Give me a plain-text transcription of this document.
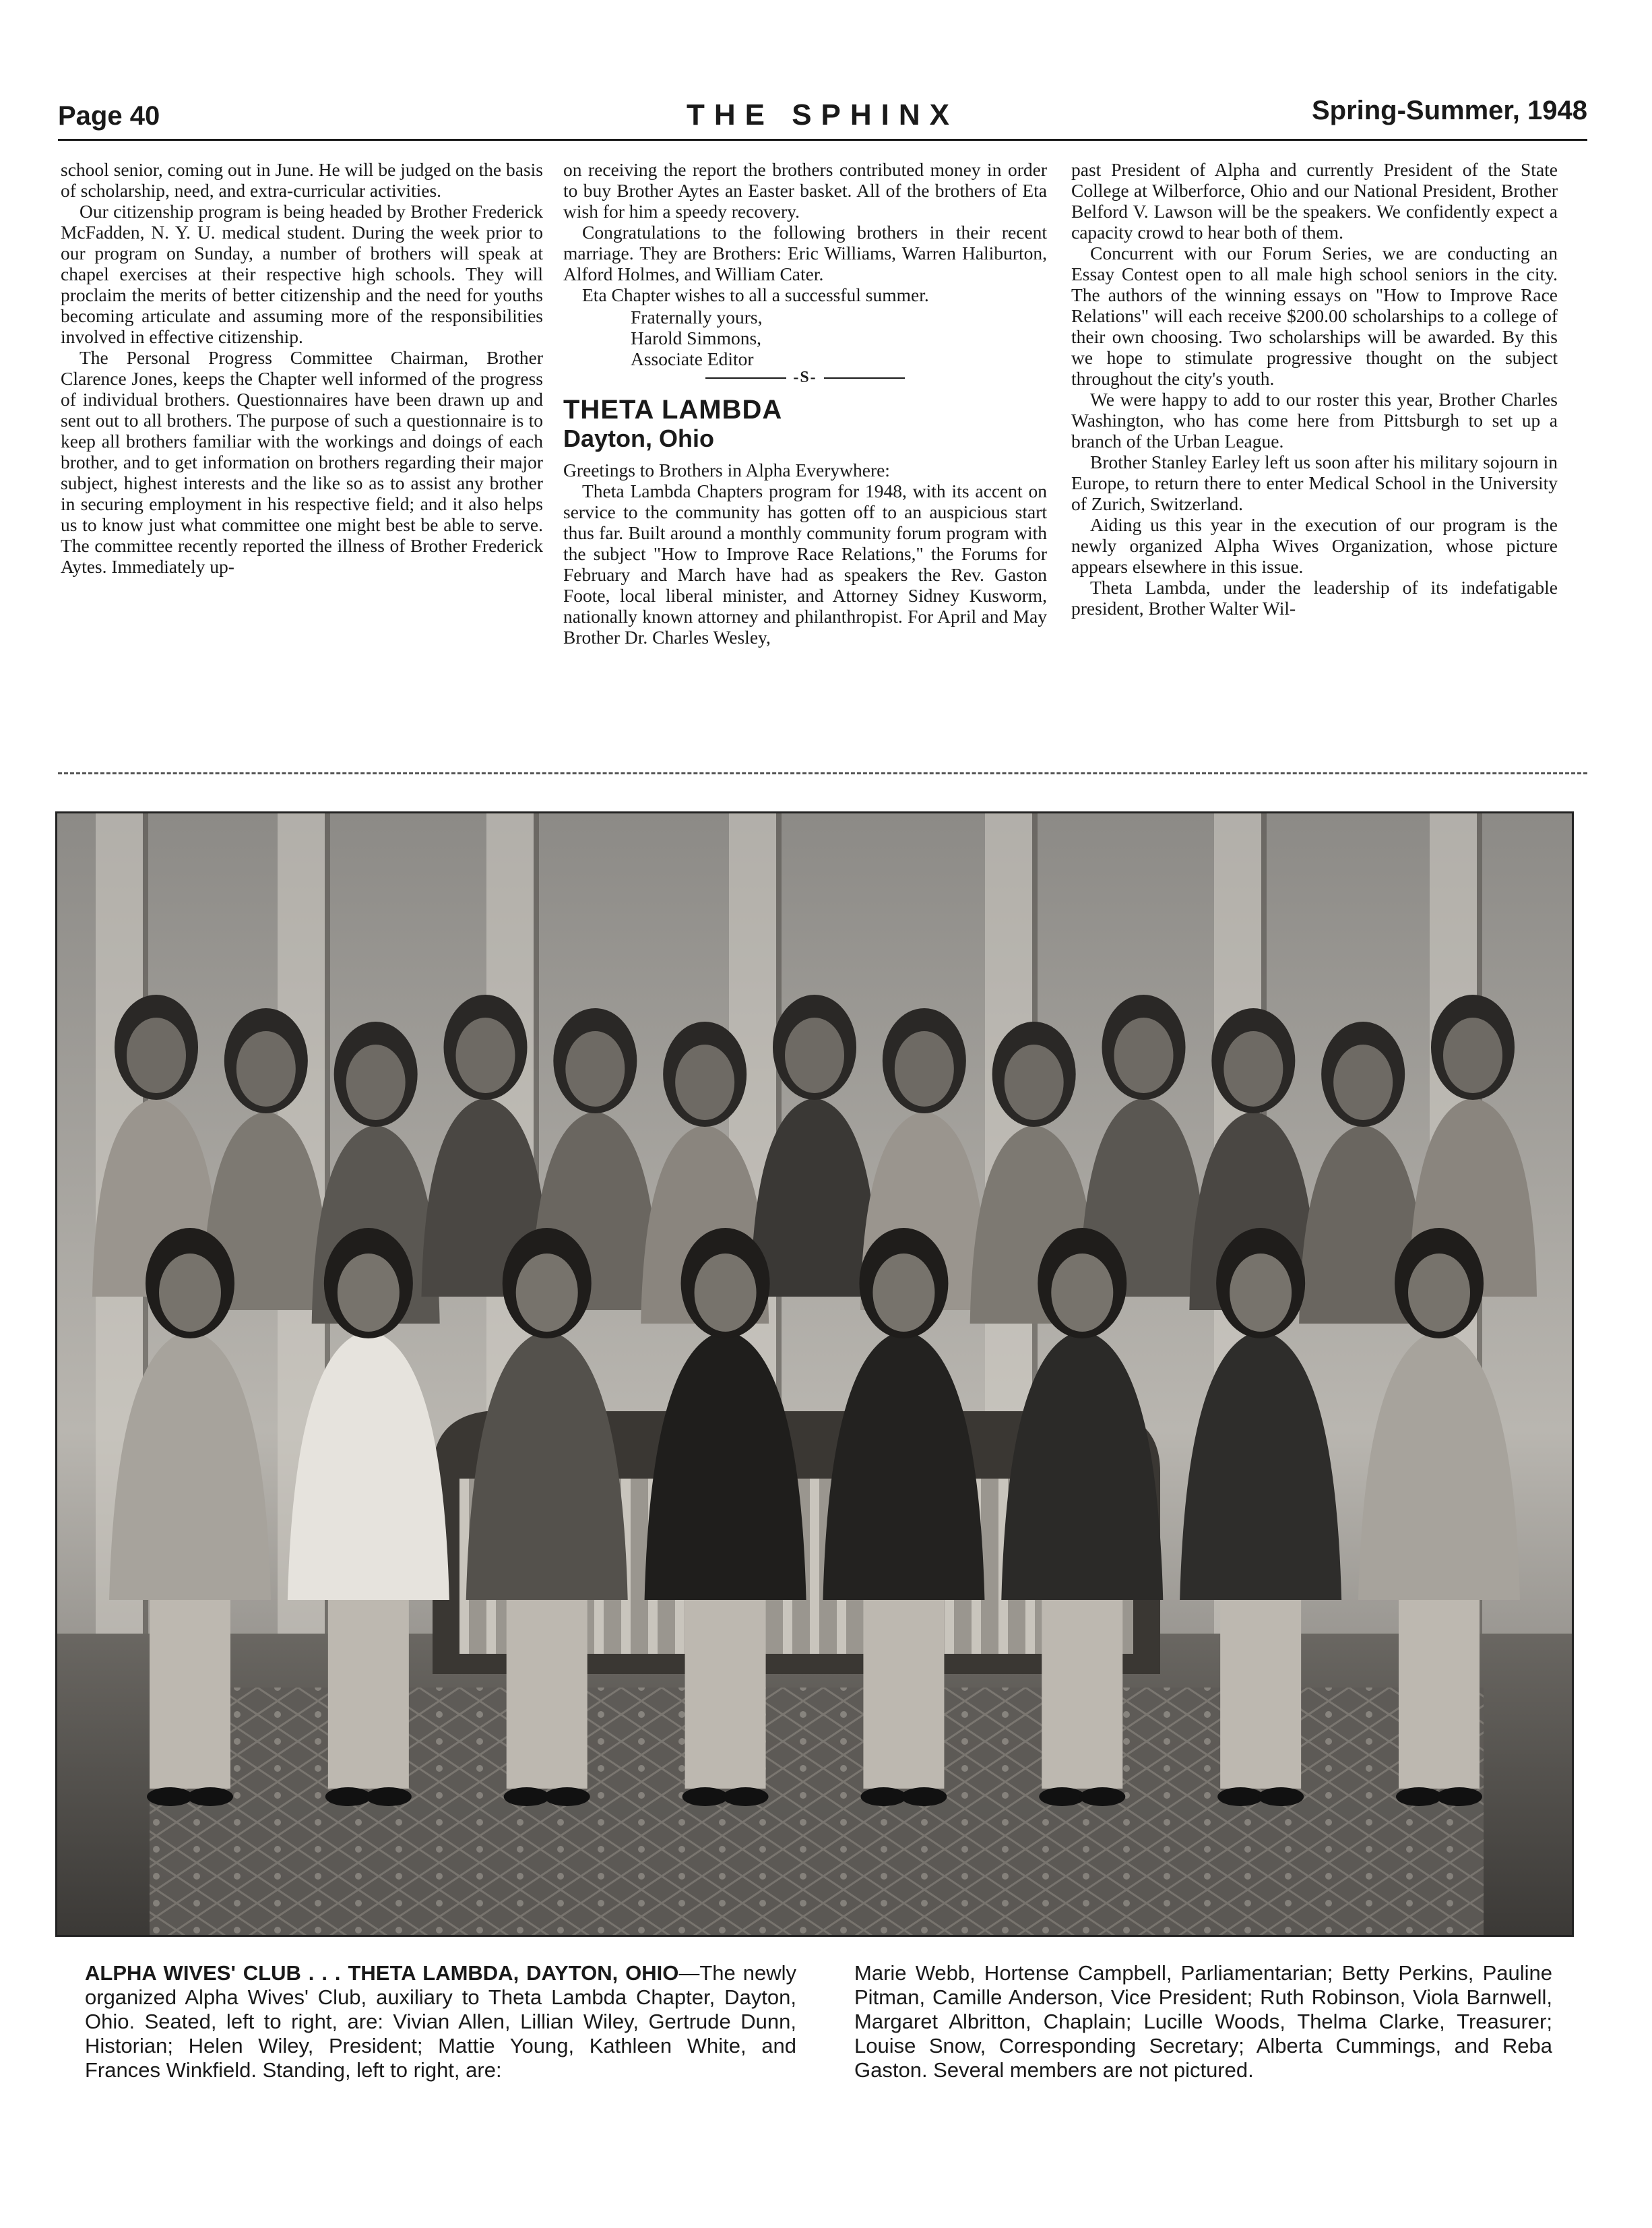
Page 40	THE SPHINX	Spring-Summer, 1948

school senior, coming out in June. He will be judged on the basis of scholarship, need, and extra-curricular activities.

Our citizenship program is being headed by Brother Frederick McFadden, N. Y. U. medical student. During the week prior to our program on Sunday, a number of brothers will speak at chapel exercises at their respective high schools. They will proclaim the merits of better citizenship and the need for youths becoming articulate and assuming more of the responsibilities involved in effective citizenship.

The Personal Progress Committee Chairman, Brother Clarence Jones, keeps the Chapter well informed of the progress of individual brothers. Questionnaires have been drawn up and sent out to all brothers. The purpose of such a questionnaire is to keep all brothers familiar with the workings and doings of each brother, and to get information on brothers regarding their major subject, highest interests and the like so as to assist any brother in securing employment in his respective field; and it also helps us to know just what committee one might best be able to serve. The committee recently reported the illness of Brother Frederick Aytes. Immediately up-

on receiving the report the brothers contributed money in order to buy Brother Aytes an Easter basket. All of the brothers of Eta wish for him a speedy recovery.

Congratulations to the following brothers in their recent marriage. They are Brothers: Eric Williams, Warren Haliburton, Alford Holmes, and William Cater.

Eta Chapter wishes to all a successful summer.

Fraternally yours,
Harold Simmons,
Associate Editor
-S-
THETA LAMBDA
Dayton, Ohio

Greetings to Brothers in Alpha Everywhere:

Theta Lambda Chapters program for 1948, with its accent on service to the community has gotten off to an auspicious start thus far. Built around a monthly community forum program with the subject "How to Improve Race Relations," the Forums for February and March have had as speakers the Rev. Gaston Foote, local liberal minister, and Attorney Sidney Kusworm, nationally known attorney and philanthropist. For April and May Brother Dr. Charles Wesley,

past President of Alpha and currently President of the State College at Wilberforce, Ohio and our National President, Brother Belford V. Lawson will be the speakers. We confidently expect a capacity crowd to hear both of them.

Concurrent with our Forum Series, we are conducting an Essay Contest open to all male high school seniors in the city. The authors of the winning essays on "How to Improve Race Relations" will each receive $200.00 scholarships to a college of their own choosing. Two scholarships will be awarded. By this we hope to stimulate progressive thought on the subject throughout the city's youth.

We were happy to add to our roster this year, Brother Charles Washington, who has come here from Pittsburgh to set up a branch of the Urban League.

Brother Stanley Earley left us soon after his military sojourn in Europe, to return there to enter Medical School in the University of Zurich, Switzerland.

Aiding us this year in the execution of our program is the newly organized Alpha Wives Organization, whose picture appears elsewhere in this issue.

Theta Lambda, under the leadership of its indefatigable president, Brother Walter Wil-

ALPHA WIVES' CLUB . . . THETA LAMBDA, DAYTON, OHIO—The newly organized Alpha Wives' Club, auxiliary to Theta Lambda Chapter, Dayton, Ohio. Seated, left to right, are: Vivian Allen, Lillian Wiley, Gertrude Dunn, Historian; Helen Wiley, President; Mattie Young, Kathleen White, and Frances Winkfield. Standing, left to right, are:
Marie Webb, Hortense Campbell, Parliamentarian; Betty Perkins, Pauline Pitman, Camille Anderson, Vice President; Ruth Robinson, Viola Barnwell, Margaret Albritton, Chaplain; Lucille Woods, Thelma Clarke, Treasurer; Louise Snow, Corresponding Secretary; Alberta Cummings, and Reba Gaston. Several members are not pictured.
